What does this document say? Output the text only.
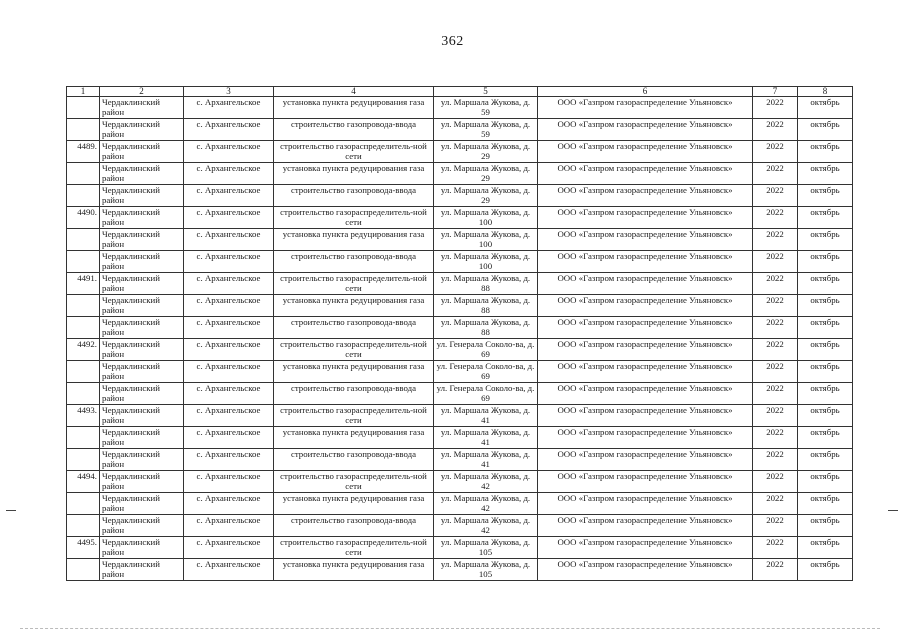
362
1	2	3	4	5	6	7	8
	Чердаклинский район	с. Архангельское	установка пункта редуцирования газа	ул. Маршала Жукова, д. 59	ООО «Газпром газораспределение Ульяновск»	2022	октябрь
	Чердаклинский район	с. Архангельское	строительство газопровода-ввода	ул. Маршала Жукова, д. 59	ООО «Газпром газораспределение Ульяновск»	2022	октябрь
4489.	Чердаклинский район	с. Архангельское	строительство газораспределитель-ной сети	ул. Маршала Жукова, д. 29	ООО «Газпром газораспределение Ульяновск»	2022	октябрь
	Чердаклинский район	с. Архангельское	установка пункта редуцирования газа	ул. Маршала Жукова, д. 29	ООО «Газпром газораспределение Ульяновск»	2022	октябрь
	Чердаклинский район	с. Архангельское	строительство газопровода-ввода	ул. Маршала Жукова, д. 29	ООО «Газпром газораспределение Ульяновск»	2022	октябрь
4490.	Чердаклинский район	с. Архангельское	строительство газораспределитель-ной сети	ул. Маршала Жукова, д. 100	ООО «Газпром газораспределение Ульяновск»	2022	октябрь
	Чердаклинский район	с. Архангельское	установка пункта редуцирования газа	ул. Маршала Жукова, д. 100	ООО «Газпром газораспределение Ульяновск»	2022	октябрь
	Чердаклинский район	с. Архангельское	строительство газопровода-ввода	ул. Маршала Жукова, д. 100	ООО «Газпром газораспределение Ульяновск»	2022	октябрь
4491.	Чердаклинский район	с. Архангельское	строительство газораспределитель-ной сети	ул. Маршала Жукова, д. 88	ООО «Газпром газораспределение Ульяновск»	2022	октябрь
	Чердаклинский район	с. Архангельское	установка пункта редуцирования газа	ул. Маршала Жукова, д. 88	ООО «Газпром газораспределение Ульяновск»	2022	октябрь
	Чердаклинский район	с. Архангельское	строительство газопровода-ввода	ул. Маршала Жукова, д. 88	ООО «Газпром газораспределение Ульяновск»	2022	октябрь
4492.	Чердаклинский район	с. Архангельское	строительство газораспределитель-ной сети	ул. Генерала Соколо-ва, д. 69	ООО «Газпром газораспределение Ульяновск»	2022	октябрь
	Чердаклинский район	с. Архангельское	установка пункта редуцирования газа	ул. Генерала Соколо-ва, д. 69	ООО «Газпром газораспределение Ульяновск»	2022	октябрь
	Чердаклинский район	с. Архангельское	строительство газопровода-ввода	ул. Генерала Соколо-ва, д. 69	ООО «Газпром газораспределение Ульяновск»	2022	октябрь
4493.	Чердаклинский район	с. Архангельское	строительство газораспределитель-ной сети	ул. Маршала Жукова, д. 41	ООО «Газпром газораспределение Ульяновск»	2022	октябрь
	Чердаклинский район	с. Архангельское	установка пункта редуцирования газа	ул. Маршала Жукова, д. 41	ООО «Газпром газораспределение Ульяновск»	2022	октябрь
	Чердаклинский район	с. Архангельское	строительство газопровода-ввода	ул. Маршала Жукова, д. 41	ООО «Газпром газораспределение Ульяновск»	2022	октябрь
4494.	Чердаклинский район	с. Архангельское	строительство газораспределитель-ной сети	ул. Маршала Жукова, д. 42	ООО «Газпром газораспределение Ульяновск»	2022	октябрь
	Чердаклинский район	с. Архангельское	установка пункта редуцирования газа	ул. Маршала Жукова, д. 42	ООО «Газпром газораспределение Ульяновск»	2022	октябрь
	Чердаклинский район	с. Архангельское	строительство газопровода-ввода	ул. Маршала Жукова, д. 42	ООО «Газпром газораспределение Ульяновск»	2022	октябрь
4495.	Чердаклинский район	с. Архангельское	строительство газораспределитель-ной сети	ул. Маршала Жукова, д. 105	ООО «Газпром газораспределение Ульяновск»	2022	октябрь
	Чердаклинский район	с. Архангельское	установка пункта редуцирования газа	ул. Маршала Жукова, д. 105	ООО «Газпром газораспределение Ульяновск»	2022	октябрь
